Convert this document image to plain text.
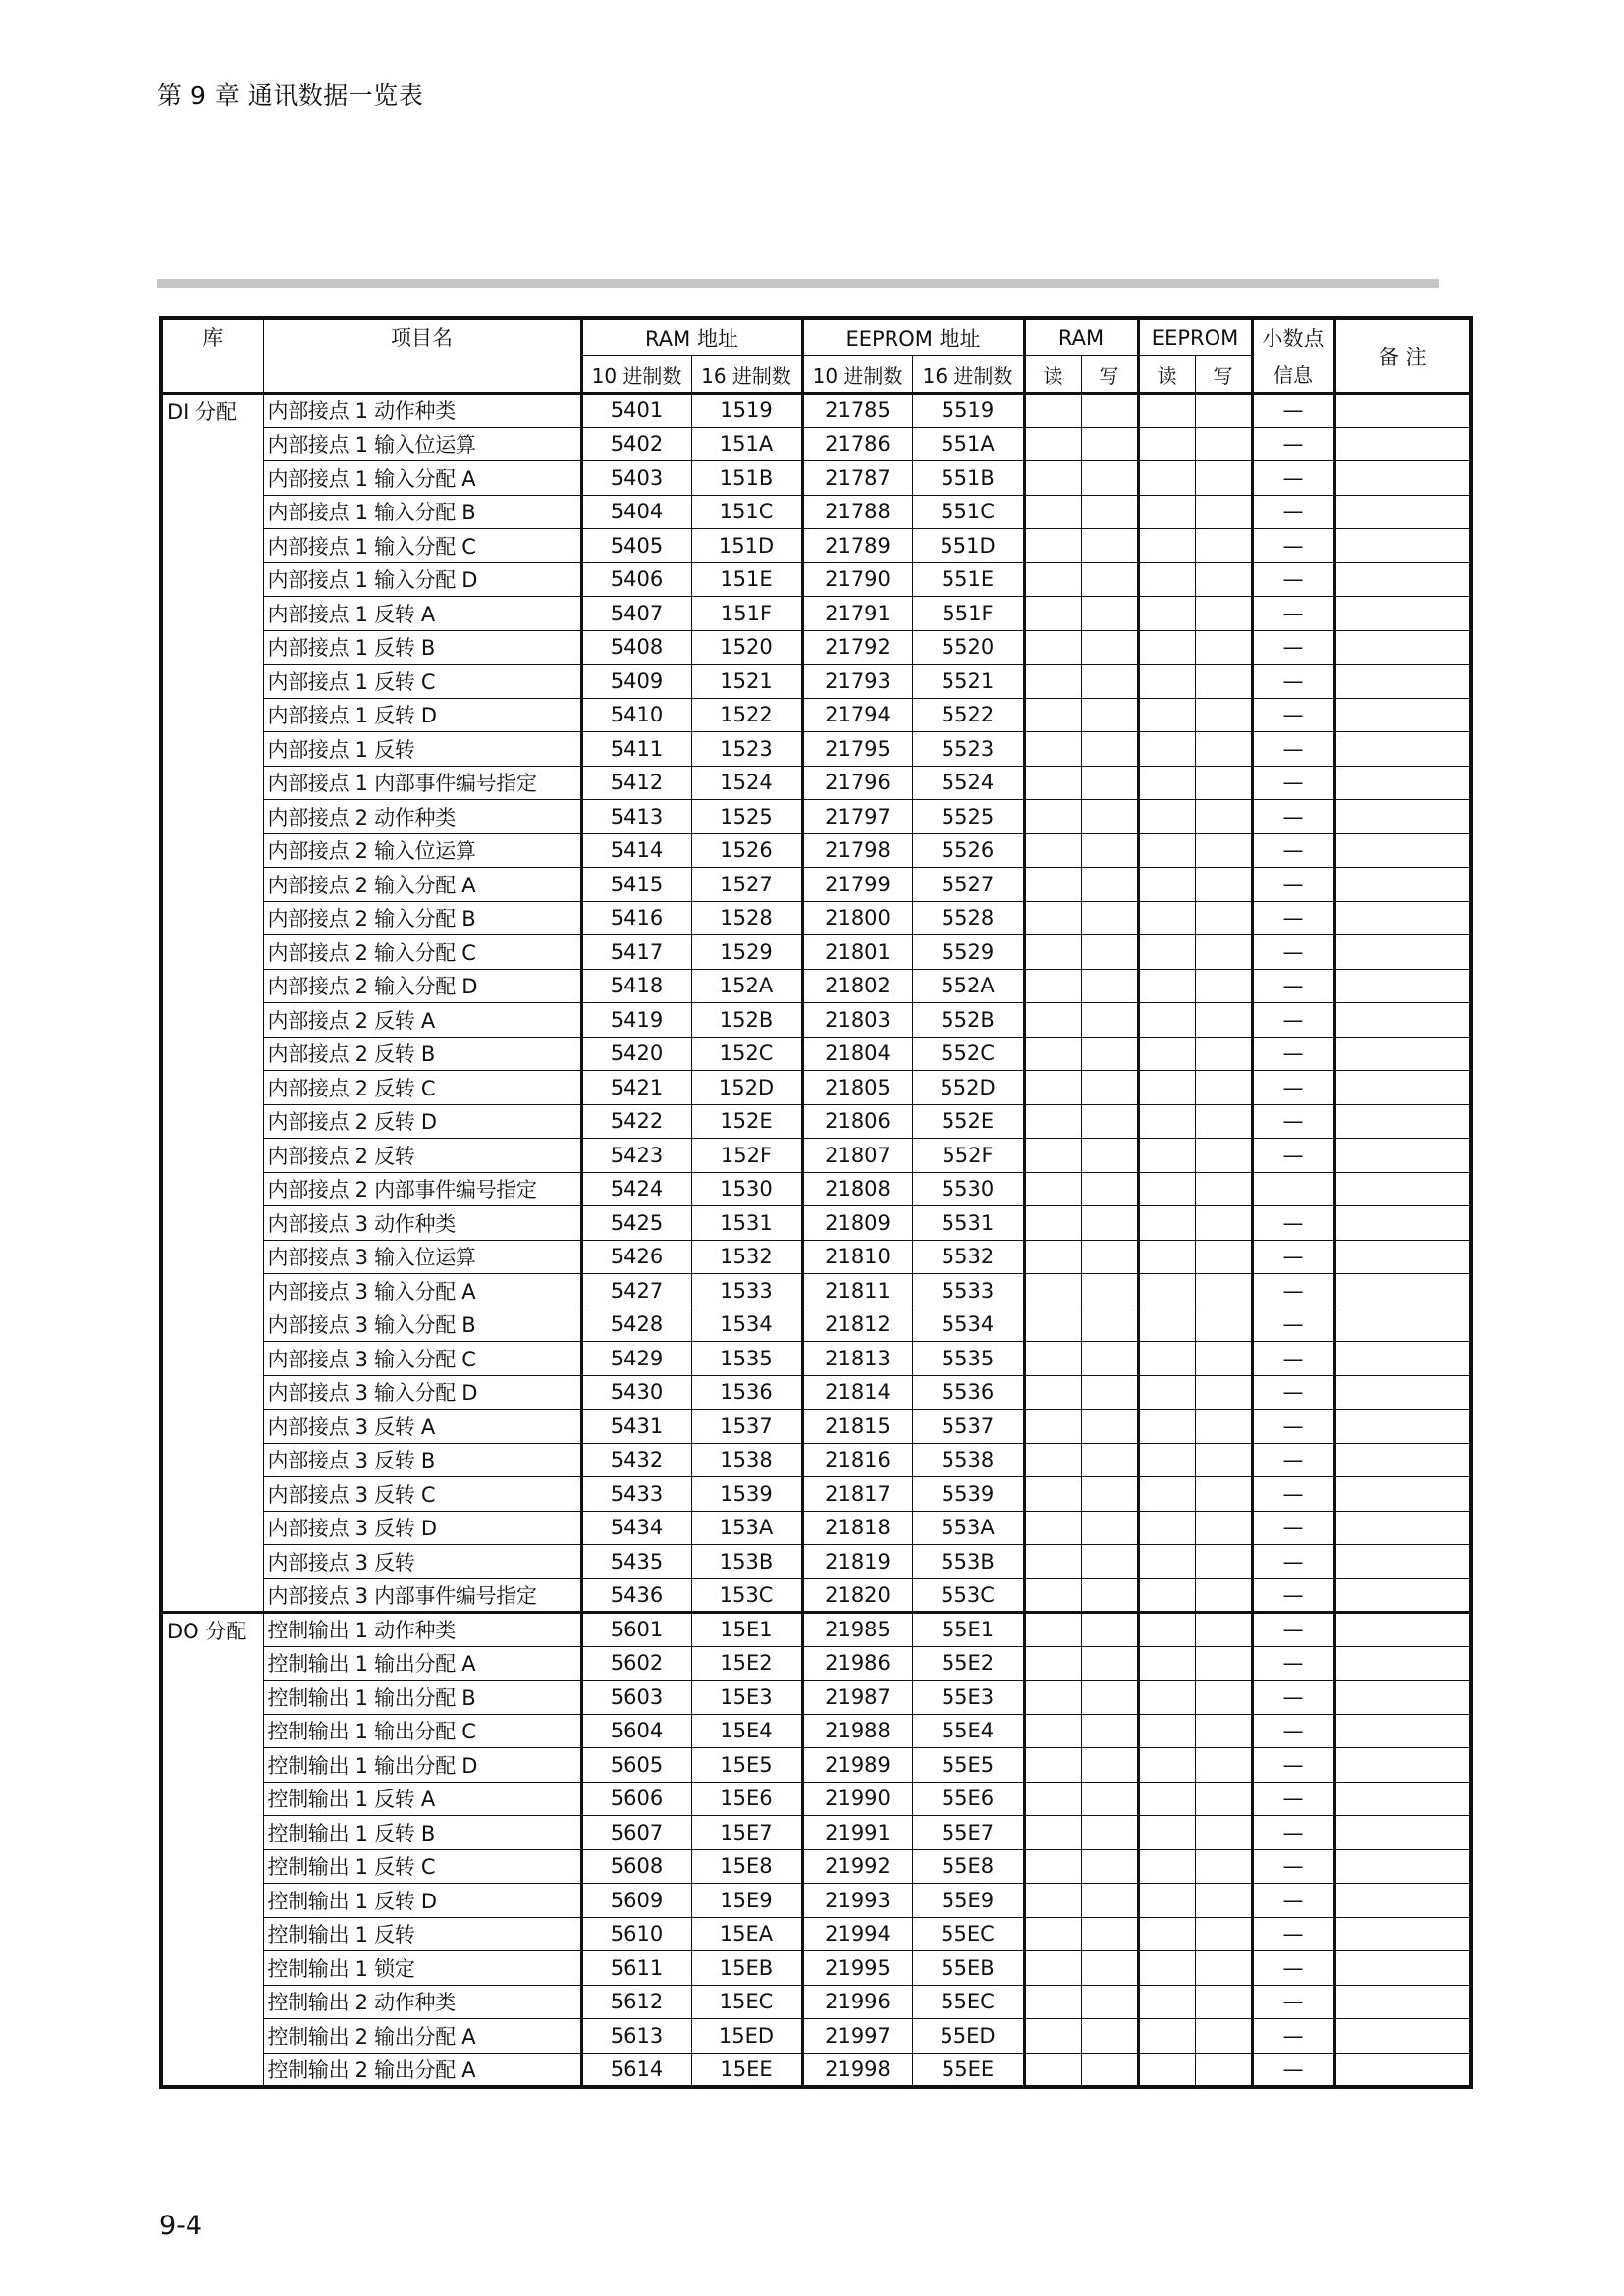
第 9 章 通讯数据一览表
库	项目名	RAM 地址		EEPROM 地址		RAM		EEPROM		小数点	备 注
		10 进制数	16 进制数	10 进制数	16 进制数	读	写	读	写	信息	
DI 分配	内部接点 1 动作种类	5401	1519	21785	5519					—	
	内部接点 1 输入位运算	5402	151A	21786	551A					—	
	内部接点 1 输入分配 A	5403	151B	21787	551B					—	
	内部接点 1 输入分配 B	5404	151C	21788	551C					—	
	内部接点 1 输入分配 C	5405	151D	21789	551D					—	
	内部接点 1 输入分配 D	5406	151E	21790	551E					—	
	内部接点 1 反转 A	5407	151F	21791	551F					—	
	内部接点 1 反转 B	5408	1520	21792	5520					—	
	内部接点 1 反转 C	5409	1521	21793	5521					—	
	内部接点 1 反转 D	5410	1522	21794	5522					—	
	内部接点 1 反转	5411	1523	21795	5523					—	
	内部接点 1 内部事件编号指定	5412	1524	21796	5524					—	
	内部接点 2 动作种类	5413	1525	21797	5525					—	
	内部接点 2 输入位运算	5414	1526	21798	5526					—	
	内部接点 2 输入分配 A	5415	1527	21799	5527					—	
	内部接点 2 输入分配 B	5416	1528	21800	5528					—	
	内部接点 2 输入分配 C	5417	1529	21801	5529					—	
	内部接点 2 输入分配 D	5418	152A	21802	552A					—	
	内部接点 2 反转 A	5419	152B	21803	552B					—	
	内部接点 2 反转 B	5420	152C	21804	552C					—	
	内部接点 2 反转 C	5421	152D	21805	552D					—	
	内部接点 2 反转 D	5422	152E	21806	552E					—	
	内部接点 2 反转	5423	152F	21807	552F					—	
	内部接点 2 内部事件编号指定	5424	1530	21808	5530						
	内部接点 3 动作种类	5425	1531	21809	5531					—	
	内部接点 3 输入位运算	5426	1532	21810	5532					—	
	内部接点 3 输入分配 A	5427	1533	21811	5533					—	
	内部接点 3 输入分配 B	5428	1534	21812	5534					—	
	内部接点 3 输入分配 C	5429	1535	21813	5535					—	
	内部接点 3 输入分配 D	5430	1536	21814	5536					—	
	内部接点 3 反转 A	5431	1537	21815	5537					—	
	内部接点 3 反转 B	5432	1538	21816	5538					—	
	内部接点 3 反转 C	5433	1539	21817	5539					—	
	内部接点 3 反转 D	5434	153A	21818	553A					—	
	内部接点 3 反转	5435	153B	21819	553B					—	
	内部接点 3 内部事件编号指定	5436	153C	21820	553C					—	
DO 分配	控制输出 1 动作种类	5601	15E1	21985	55E1					—	
	控制输出 1 输出分配 A	5602	15E2	21986	55E2					—	
	控制输出 1 输出分配 B	5603	15E3	21987	55E3					—	
	控制输出 1 输出分配 C	5604	15E4	21988	55E4					—	
	控制输出 1 输出分配 D	5605	15E5	21989	55E5					—	
	控制输出 1 反转 A	5606	15E6	21990	55E6					—	
	控制输出 1 反转 B	5607	15E7	21991	55E7					—	
	控制输出 1 反转 C	5608	15E8	21992	55E8					—	
	控制输出 1 反转 D	5609	15E9	21993	55E9					—	
	控制输出 1 反转	5610	15EA	21994	55EC					—	
	控制输出 1 锁定	5611	15EB	21995	55EB					—	
	控制输出 2 动作种类	5612	15EC	21996	55EC					—	
	控制输出 2 输出分配 A	5613	15ED	21997	55ED					—	
	控制输出 2 输出分配 A	5614	15EE	21998	55EE					—	
9-4
